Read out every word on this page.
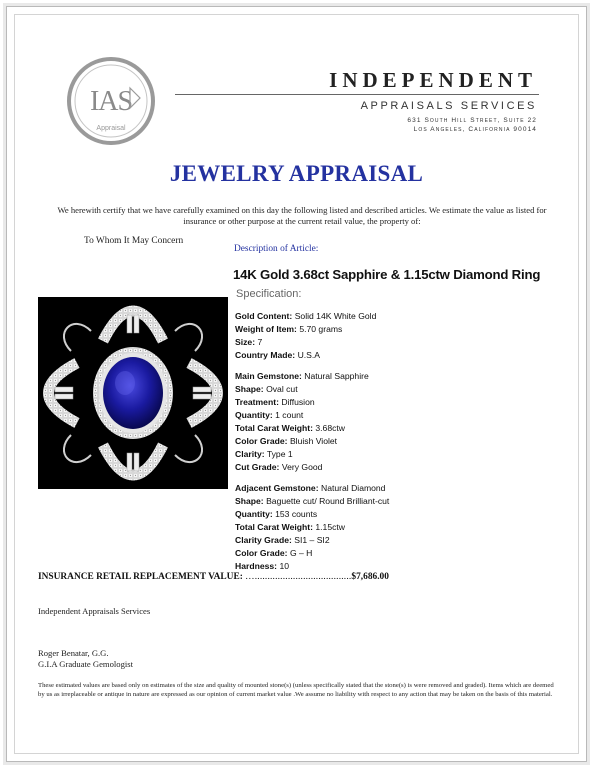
IAS
Appraisal
INDEPENDENT
APPRAISALS SERVICES
631 South Hill Street, Suite 22
Los Angeles, California 90014
JEWELRY APPRAISAL
We herewith certify that we have carefully examined on this day the following listed and described articles. We estimate the value as listed for insurance or other purpose at the current retail value, the property of:
To Whom It May Concern
Description of Article:
14K Gold 3.68ct Sapphire & 1.15ctw Diamond Ring
Specification:
Gold Content: Solid 14K White Gold
Weight of Item: 5.70 grams
Size: 7
Country Made: U.S.A
Main Gemstone: Natural Sapphire
Shape: Oval cut
Treatment: Diffusion
Quantity: 1 count
Total Carat Weight: 3.68ctw
Color Grade: Bluish Violet
Clarity: Type 1
Cut Grade: Very Good
Adjacent Gemstone: Natural Diamond
Shape: Baguette cut/ Round Brilliant-cut
Quantity: 153 counts
Total Carat Weight: 1.15ctw
Clarity Grade: SI1 – SI2
Color Grade: G – H
Hardness: 10
INSURANCE RETAIL REPLACEMENT VALUE: …......................................$7,686.00
Independent Appraisals Services
Roger Benatar, G.G.
G.I.A Graduate Gemologist
These estimated values are based only on estimates of the size and quality of mounted stone(s) (unless specifically stated that the stone(s) is were removed and graded). Items which are deemed by us as irreplaceable or antique in nature are expressed as our opinion of current market value .We assume no liability with respect to any action that may be taken on the basis of this material.
